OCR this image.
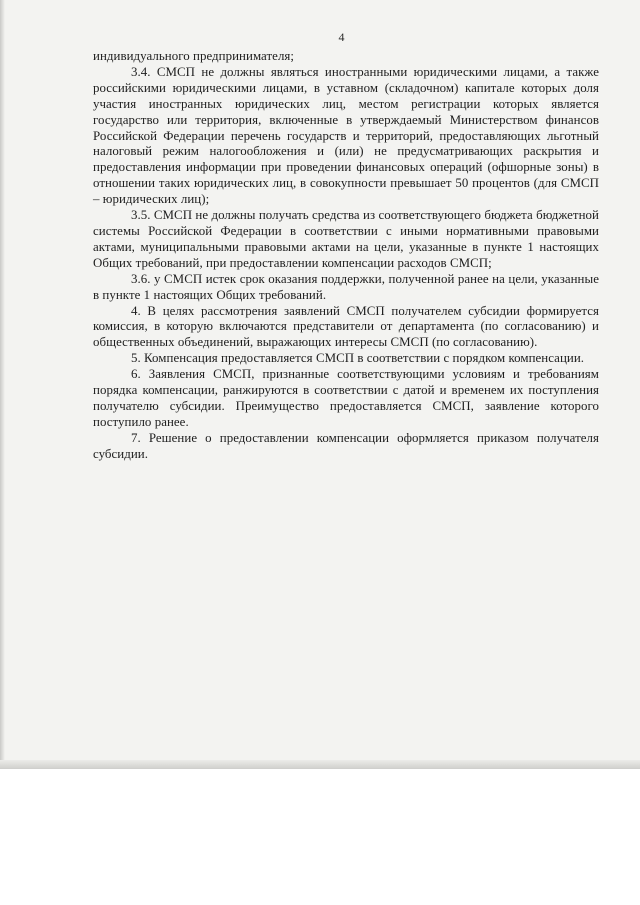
4

индивидуального предпринимателя;

3.4. СМСП не должны являться иностранными юридическими лицами, а также российскими юридическими лицами, в уставном (складочном) капитале которых доля участия иностранных юридических лиц, местом регистрации которых является государство или территория, включенные в утверждаемый Министерством финансов Российской Федерации перечень государств и территорий, предоставляющих льготный налоговый режим налогообложения и (или) не предусматривающих раскрытия и предоставления информации при проведении финансовых операций (офшорные зоны) в отношении таких юридических лиц, в совокупности превышает 50 процентов (для СМСП – юридических лиц);

3.5. СМСП не должны получать средства из соответствующего бюджета бюджетной системы Российской Федерации в соответствии с иными нормативными правовыми актами, муниципальными правовыми актами на цели, указанные в пункте 1 настоящих Общих требований, при предоставлении компенсации расходов СМСП;

3.6. у СМСП истек срок оказания поддержки, полученной ранее на цели, указанные в пункте 1 настоящих Общих требований.

4. В целях рассмотрения заявлений СМСП получателем субсидии формируется комиссия, в которую включаются представители от департамента (по согласованию) и общественных объединений, выражающих интересы СМСП (по согласованию).

5. Компенсация предоставляется СМСП в соответствии с порядком компенсации.

6. Заявления СМСП, признанные соответствующими условиям и требованиям порядка компенсации, ранжируются в соответствии с датой и временем их поступления получателю субсидии. Преимущество предоставляется СМСП, заявление которого поступило ранее.

7. Решение о предоставлении компенсации оформляется приказом получателя субсидии.
